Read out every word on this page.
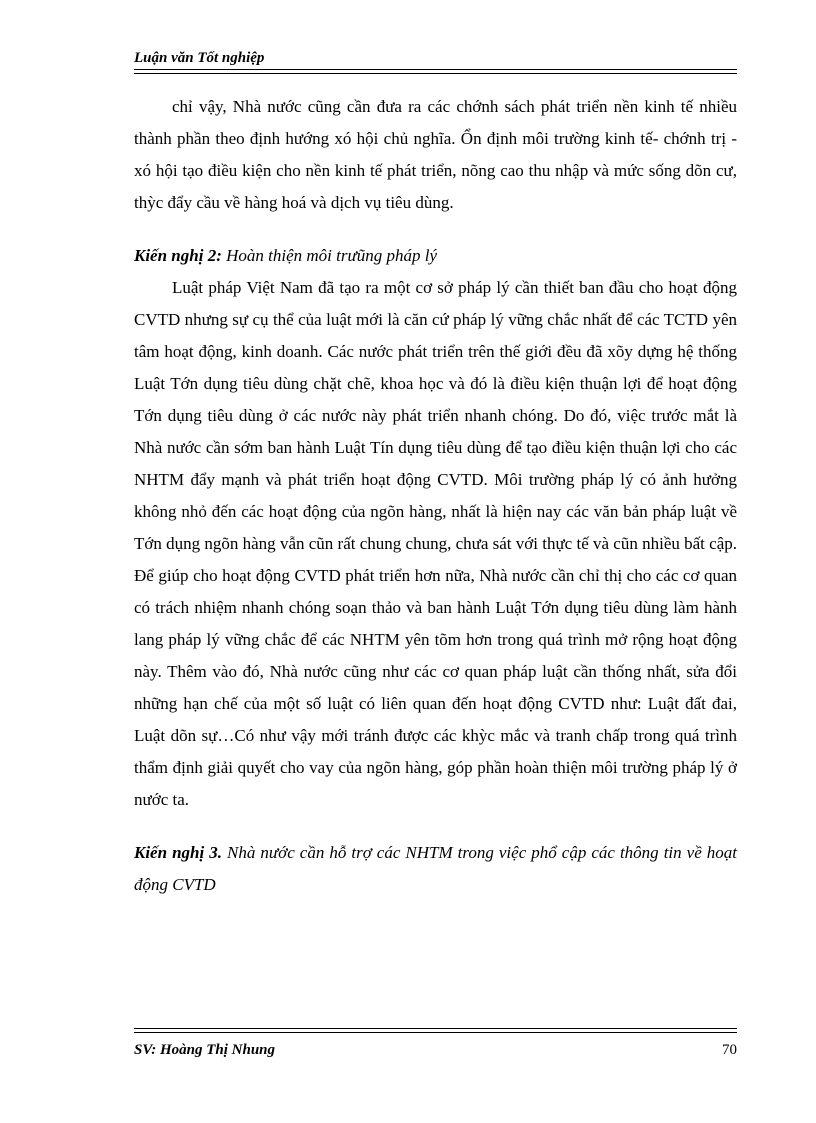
Luận văn Tốt nghiệp

chỉ vậy, Nhà nước cũng cần đưa ra các chớnh sách phát triển nền kinh tế nhiều thành phần theo định hướng xó hội chủ nghĩa. Ổn định môi trường kinh tế- chớnh trị - xó hội tạo điều kiện cho nền kinh tế phát triển, nõng cao thu nhập và mức sống dõn cư, thỳc đẩy cầu về hàng hoá và dịch vụ tiêu dùng.

Kiến nghị 2: Hoàn thiện môi trưũng pháp lý

Luật pháp Việt Nam đã tạo ra một cơ sở pháp lý cần thiết ban đầu cho hoạt động CVTD nhưng sự cụ thể của luật mới là căn cứ pháp lý vững chắc nhất để các TCTD yên tâm hoạt động, kinh doanh. Các nước phát triển trên thế giới đều đã xõy dựng hệ thống Luật Tớn dụng tiêu dùng chặt chẽ, khoa học và đó là điều kiện thuận lợi để hoạt động Tớn dụng tiêu dùng ở các nước này phát triển nhanh chóng. Do đó, việc trước mắt là Nhà nước cần sớm ban hành Luật Tín dụng tiêu dùng để tạo điều kiện thuận lợi cho các NHTM đẩy mạnh và phát triển hoạt động CVTD. Môi trường pháp lý có ảnh hưởng không nhỏ đến các hoạt động của ngõn hàng, nhất là hiện nay các văn bản pháp luật về Tớn dụng ngõn hàng vẫn cũn rất chung chung, chưa sát với thực tế và cũn nhiều bất cập. Để giúp cho hoạt động CVTD phát triển hơn nữa, Nhà nước cần chỉ thị cho các cơ quan có trách nhiệm nhanh chóng soạn thảo và ban hành Luật Tớn dụng tiêu dùng làm hành lang pháp lý vững chắc để các NHTM yên tõm hơn trong quá trình mở rộng hoạt động này. Thêm vào đó, Nhà nước cũng như các cơ quan pháp luật cần thống nhất, sửa đổi những hạn chế của một số luật có liên quan đến hoạt động CVTD như: Luật đất đai, Luật dõn sự…Có như vậy mới tránh được các khỳc mắc và tranh chấp trong quá trình thẩm định giải quyết cho vay của ngõn hàng, góp phần hoàn thiện môi trường pháp lý ở nước ta.

Kiến nghị 3. Nhà nước cần hỗ trợ các NHTM trong việc phổ cập các thông tin về hoạt động CVTD

SV: Hoàng Thị Nhung	70
